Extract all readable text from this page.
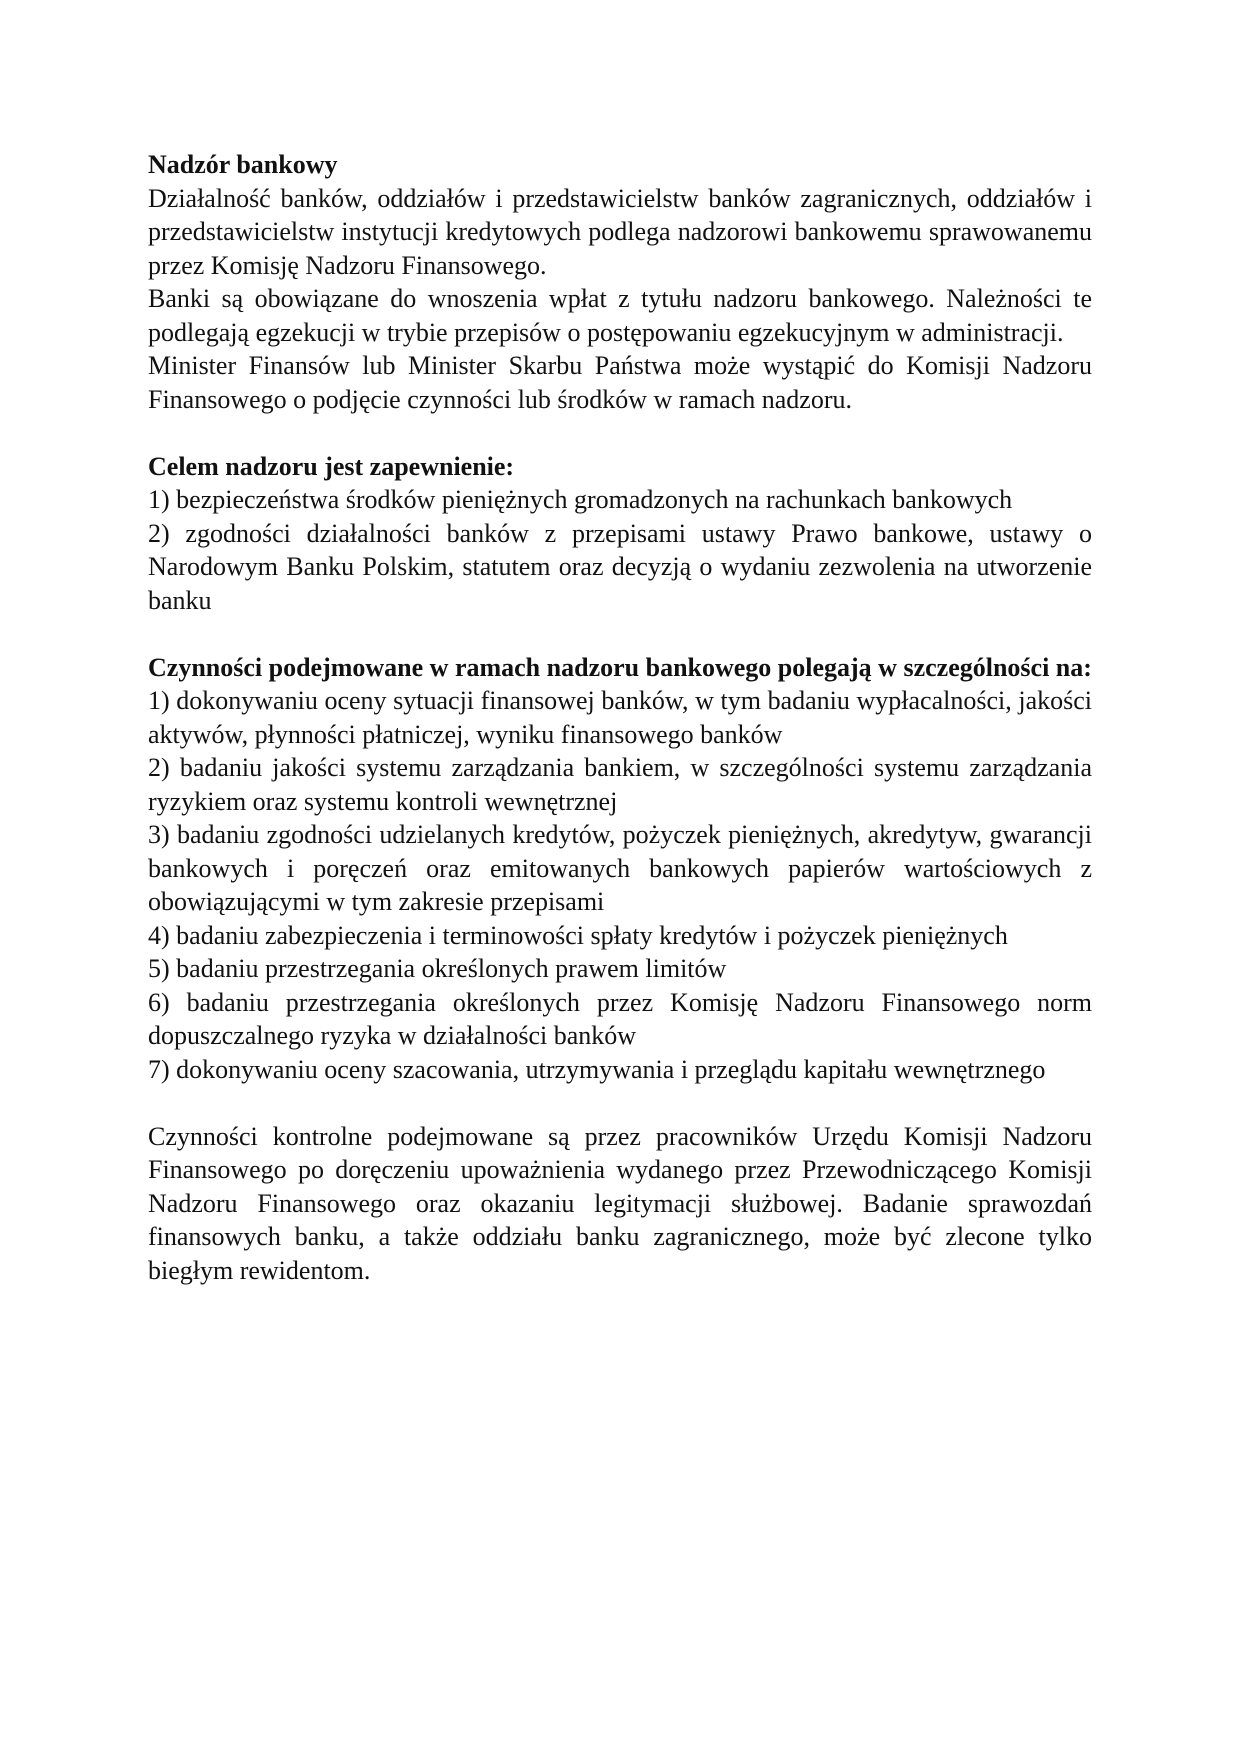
Nadzór bankowy

Działalność banków, oddziałów i przedstawicielstw banków zagranicznych, oddziałów i przedstawicielstw instytucji kredytowych podlega nadzorowi bankowemu sprawowanemu przez Komisję Nadzoru Finansowego.

Banki są obowiązane do wnoszenia wpłat z tytułu nadzoru bankowego. Należności te podlegają egzekucji w trybie przepisów o postępowaniu egzekucyjnym w administracji.

Minister Finansów lub Minister Skarbu Państwa może wystąpić do Komisji Nadzoru Finansowego o podjęcie czynności lub środków w ramach nadzoru.

Celem nadzoru jest zapewnienie:

1) bezpieczeństwa środków pieniężnych gromadzonych na rachunkach bankowych

2) zgodności działalności banków z przepisami ustawy Prawo bankowe, ustawy o Narodowym Banku Polskim, statutem oraz decyzją o wydaniu zezwolenia na utworzenie banku

Czynności podejmowane w ramach nadzoru bankowego polegają w szczególności na:

1) dokonywaniu oceny sytuacji finansowej banków, w tym badaniu wypłacalności, jakości aktywów, płynności płatniczej, wyniku finansowego banków

2) badaniu jakości systemu zarządzania bankiem, w szczególności systemu zarządzania ryzykiem oraz systemu kontroli wewnętrznej

3) badaniu zgodności udzielanych kredytów, pożyczek pieniężnych, akredytyw, gwarancji bankowych i poręczeń oraz emitowanych bankowych papierów wartościowych z obowiązującymi w tym zakresie przepisami

4) badaniu zabezpieczenia i terminowości spłaty kredytów i pożyczek pieniężnych

5) badaniu przestrzegania określonych prawem limitów

6) badaniu przestrzegania określonych przez Komisję Nadzoru Finansowego norm dopuszczalnego ryzyka w działalności banków

7) dokonywaniu oceny szacowania, utrzymywania i przeglądu kapitału wewnętrznego

Czynności kontrolne podejmowane są przez pracowników Urzędu Komisji Nadzoru Finansowego po doręczeniu upoważnienia wydanego przez Przewodniczącego Komisji Nadzoru Finansowego oraz okazaniu legitymacji służbowej. Badanie sprawozdań finansowych banku, a także oddziału banku zagranicznego, może być zlecone tylko biegłym rewidentom.
